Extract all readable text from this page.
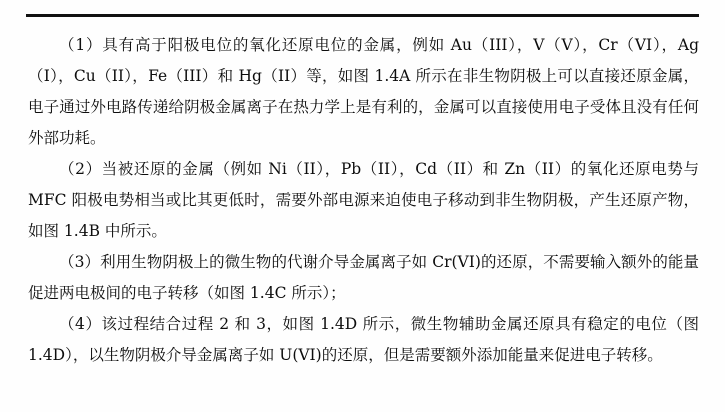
（1）具有高于阳极电位的氧化还原电位的金属，例如 Au（III），V（V），Cr（VI），Ag（I），Cu（II），Fe（III）和 Hg（II）等，如图 1.4A 所示在非生物阴极上可以直接还原金属，电子通过外电路传递给阴极金属离子在热力学上是有利的，金属可以直接使用电子受体且没有任何外部功耗。

（2）当被还原的金属（例如 Ni（II），Pb（II），Cd（II）和 Zn（II）的氧化还原电势与 MFC 阳极电势相当或比其更低时，需要外部电源来迫使电子移动到非生物阴极，产生还原产物，如图 1.4B 中所示。

（3）利用生物阴极上的微生物的代谢介导金属离子如 Cr(VI)的还原，不需要输入额外的能量促进两电极间的电子转移（如图 1.4C 所示）；

（4）该过程结合过程 2 和 3，如图 1.4D 所示，微生物辅助金属还原具有稳定的电位（图 1.4D），以生物阴极介导金属离子如 U(VI)的还原，但是需要额外添加能量来促进电子转移。
